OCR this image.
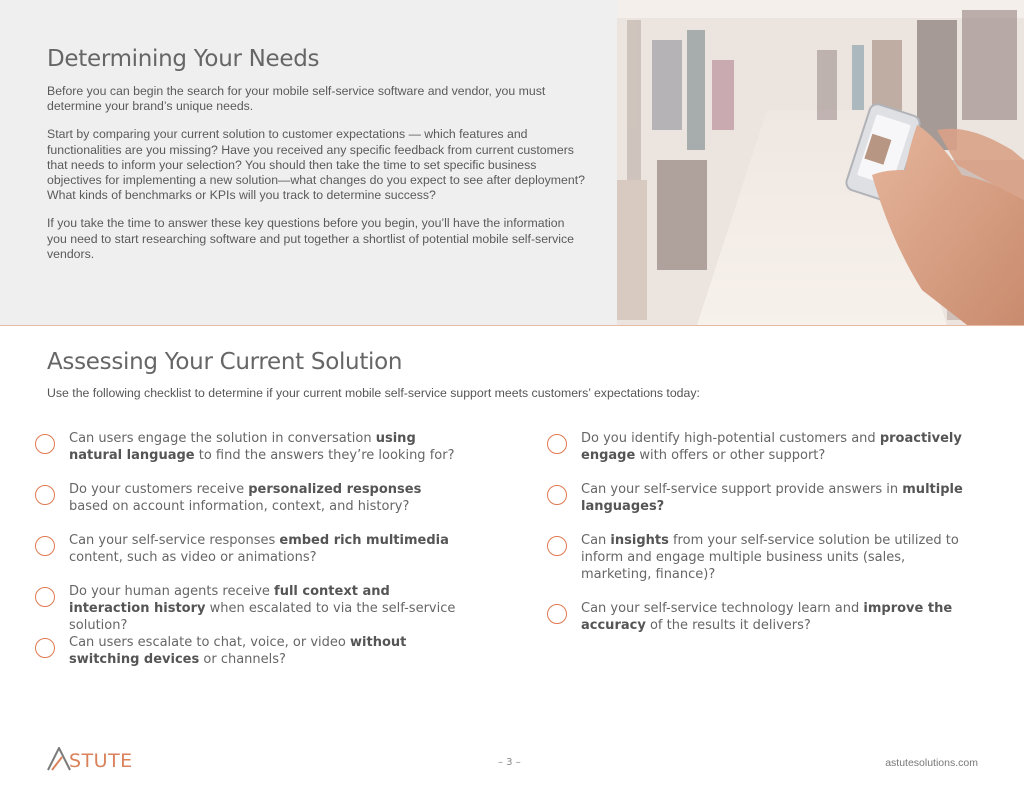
Determining Your Needs

Before you can begin the search for your mobile self-service software and vendor, you must determine your brand’s unique needs.

Start by comparing your current solution to customer expectations — which features and functionalities are you missing? Have you received any specific feedback from current customers that needs to inform your selection? You should then take the time to set specific business objectives for implementing a new solution—what changes do you expect to see after deployment? What kinds of benchmarks or KPIs will you track to determine success?

If you take the time to answer these key questions before you begin, you’ll have the information you need to start researching software and put together a shortlist of potential mobile self-service vendors.

Assessing Your Current Solution
Use the following checklist to determine if your current mobile self-service support meets customers’ expectations today:
Can users engage the solution in conversation using natural language to find the answers they’re looking for?
Do your customers receive personalized responses based on account information, context, and history?
Can your self-service responses embed rich multimedia content, such as video or animations?
Do your human agents receive full context and interaction history when escalated to via the self-service solution?
Can users escalate to chat, voice, or video without switching devices or channels?
Do you identify high-potential customers and proactively engage with offers or other support?
Can your self-service support provide answers in multiple languages?
Can insights from your self-service solution be utilized to inform and engage multiple business units (sales, marketing, finance)?
Can your self-service technology learn and improve the accuracy of the results it delivers?
STUTE	– 3 –	astutesolutions.com
